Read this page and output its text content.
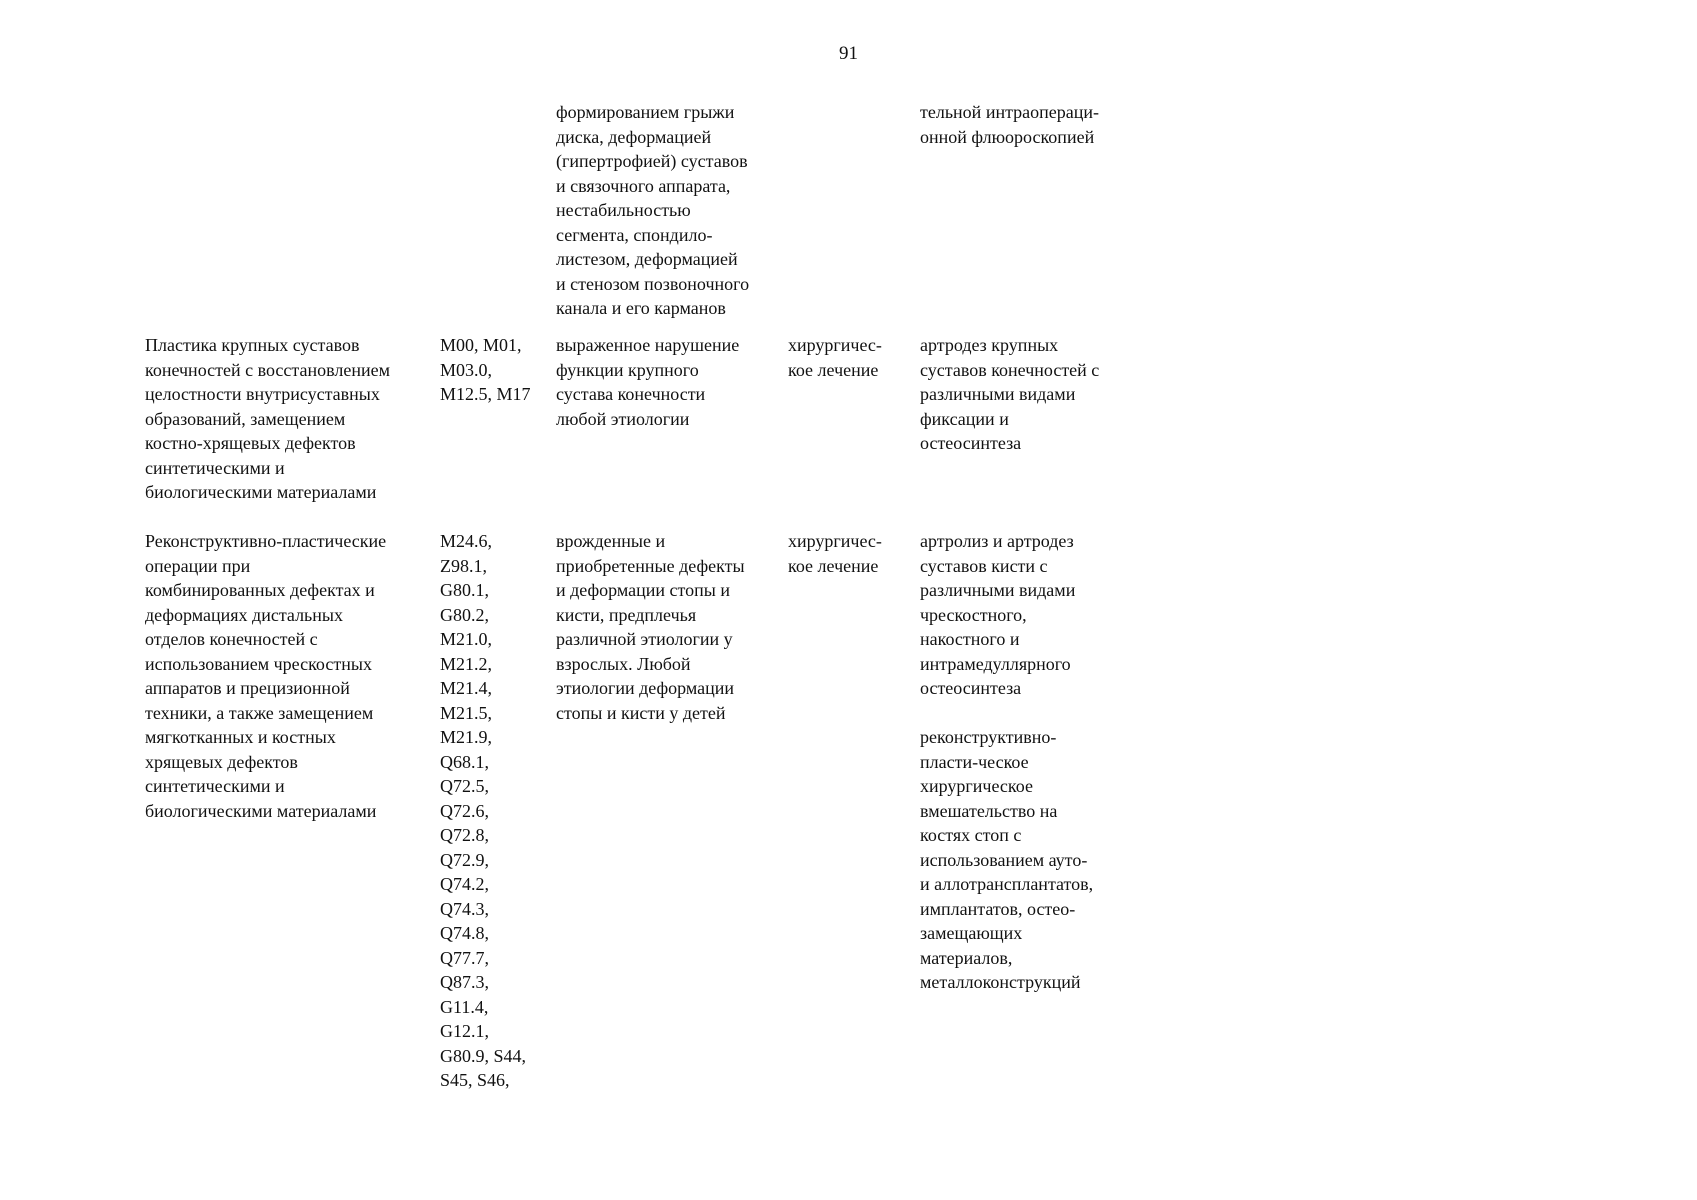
91
формированием грыжи
диска, деформацией
(гипертрофией) суставов
и связочного аппарата,
нестабильностью
сегмента, спондило-
листезом, деформацией
и стенозом позвоночного
канала и его карманов
тельной интраопераци-
онной флюороскопией
Пластика крупных суставов
конечностей с восстановлением
целостности внутрисуставных
образований, замещением
костно-хрящевых дефектов
синтетическими и
биологическими материалами
M00, M01,
M03.0,
M12.5, M17
выраженное нарушение
функции крупного
сустава конечности
любой этиологии
хирургичес-
кое лечение
артродез крупных
суставов конечностей с
различными видами
фиксации и
остеосинтеза
Реконструктивно-пластические
операции при
комбинированных дефектах и
деформациях дистальных
отделов конечностей с
использованием чрескостных
аппаратов и прецизионной
техники, а также замещением
мягкотканных и костных
хрящевых дефектов
синтетическими и
биологическими материалами
M24.6,
Z98.1,
G80.1,
G80.2,
M21.0,
M21.2,
M21.4,
M21.5,
M21.9,
Q68.1,
Q72.5,
Q72.6,
Q72.8,
Q72.9,
Q74.2,
Q74.3,
Q74.8,
Q77.7,
Q87.3,
G11.4,
G12.1,
G80.9, S44,
S45, S46,
врожденные и
приобретенные дефекты
и деформации стопы и
кисти, предплечья
различной этиологии у
взрослых. Любой
этиологии деформации
стопы и кисти у детей
хирургичес-
кое лечение
артролиз и артродез
суставов кисти с
различными видами
чрескостного,
накостного и
интрамедуллярного
остеосинтеза
реконструктивно-
пласти-ческое
хирургическое
вмешательство на
костях стоп с
использованием ауто-
и аллотрансплантатов,
имплантатов, остео-
замещающих
материалов,
металлоконструкций
